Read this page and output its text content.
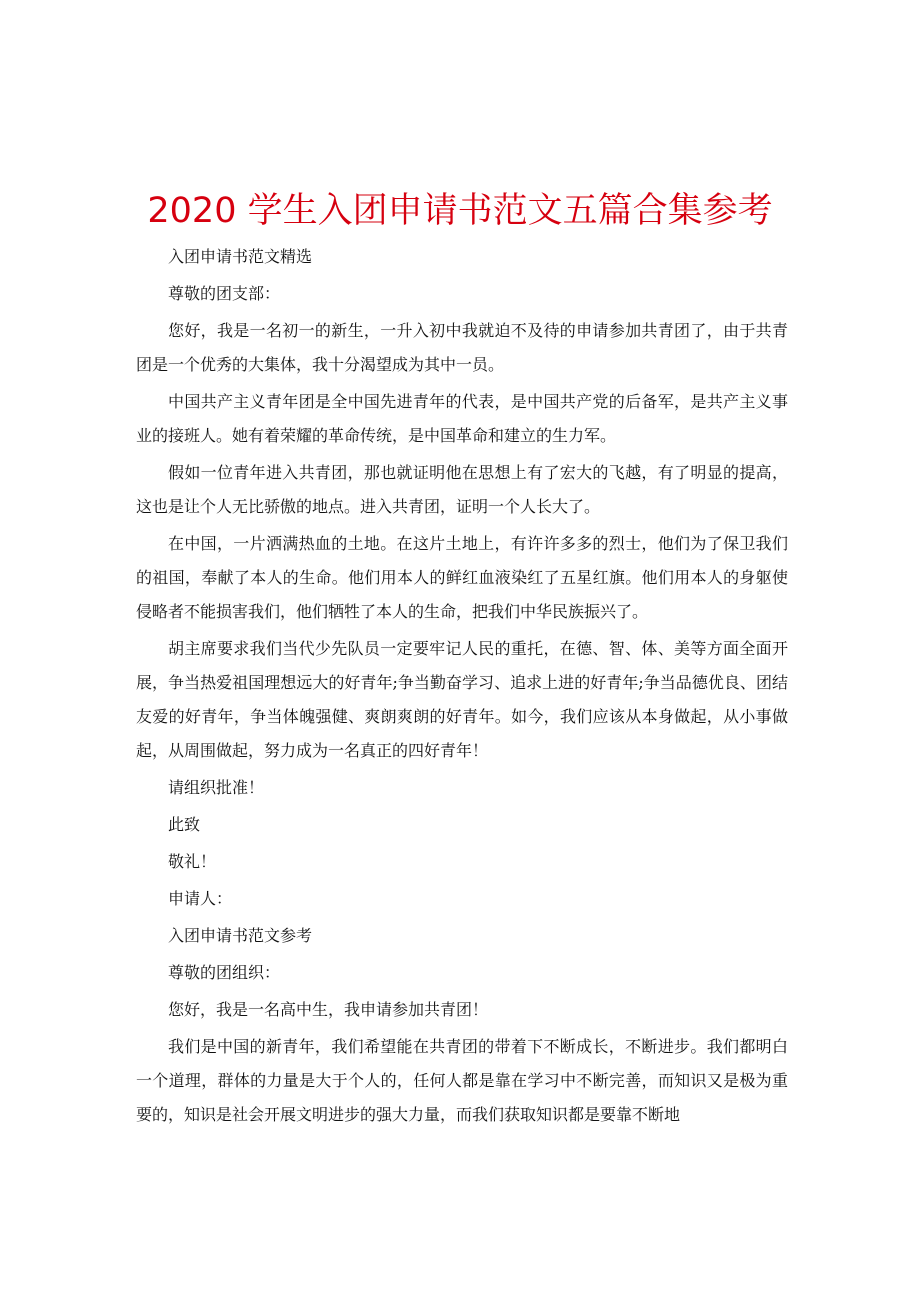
2020 学生入团申请书范文五篇合集参考

入团申请书范文精选

尊敬的团支部：

您好，我是一名初一的新生，一升入初中我就迫不及待的申请参加共青团了，由于共青团是一个优秀的大集体，我十分渴望成为其中一员。

中国共产主义青年团是全中国先进青年的代表，是中国共产党的后备军，是共产主义事业的接班人。她有着荣耀的革命传统，是中国革命和建立的生力军。

假如一位青年进入共青团，那也就证明他在思想上有了宏大的飞越，有了明显的提高，这也是让个人无比骄傲的地点。进入共青团，证明一个人长大了。

在中国，一片洒满热血的土地。在这片土地上，有许许多多的烈士，他们为了保卫我们的祖国，奉献了本人的生命。他们用本人的鲜红血液染红了五星红旗。他们用本人的身躯使侵略者不能损害我们，他们牺牲了本人的生命，把我们中华民族振兴了。

胡主席要求我们当代少先队员一定要牢记人民的重托，在德、智、体、美等方面全面开展，争当热爱祖国理想远大的好青年;争当勤奋学习、追求上进的好青年;争当品德优良、团结友爱的好青年，争当体魄强健、爽朗爽朗的好青年。如今，我们应该从本身做起，从小事做起，从周围做起，努力成为一名真正的四好青年！

请组织批准！

此致

敬礼！

申请人：

入团申请书范文参考

尊敬的团组织：

您好，我是一名高中生，我申请参加共青团！

我们是中国的新青年，我们希望能在共青团的带着下不断成长，不断进步。我们都明白一个道理，群体的力量是大于个人的，任何人都是靠在学习中不断完善，而知识又是极为重要的，知识是社会开展文明进步的强大力量，而我们获取知识都是要靠不断地
